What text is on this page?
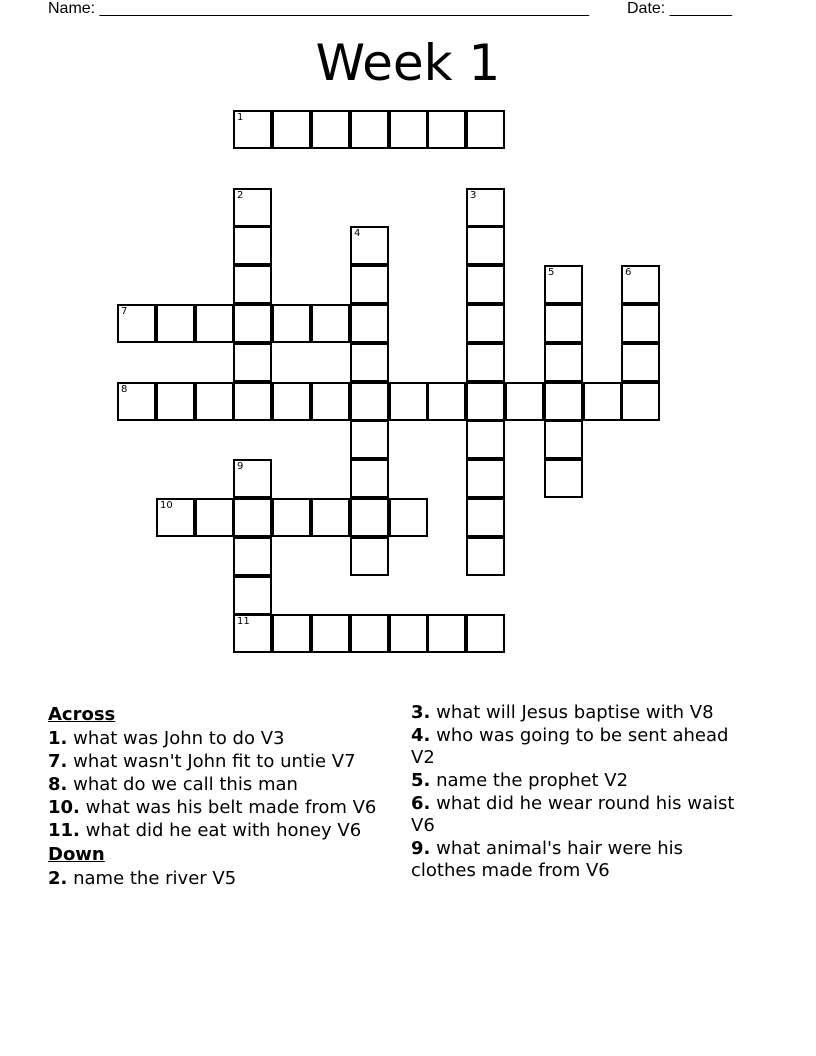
Name: _______________________________________________________ Date: _______
Week 1
1
2	3
4
5	6
7
8
9
11
10
Across
1. what was John to do V3
7. what wasn't John fit to untie V7
8. what do we call this man
10. what was his belt made from V6
11. what did he eat with honey V6
Down
2. name the river V5
3. what will Jesus baptise with V8
4. who was going to be sent ahead V2
5. name the prophet V2
6. what did he wear round his waist V6
9. what animal's hair were his clothes made from V6
